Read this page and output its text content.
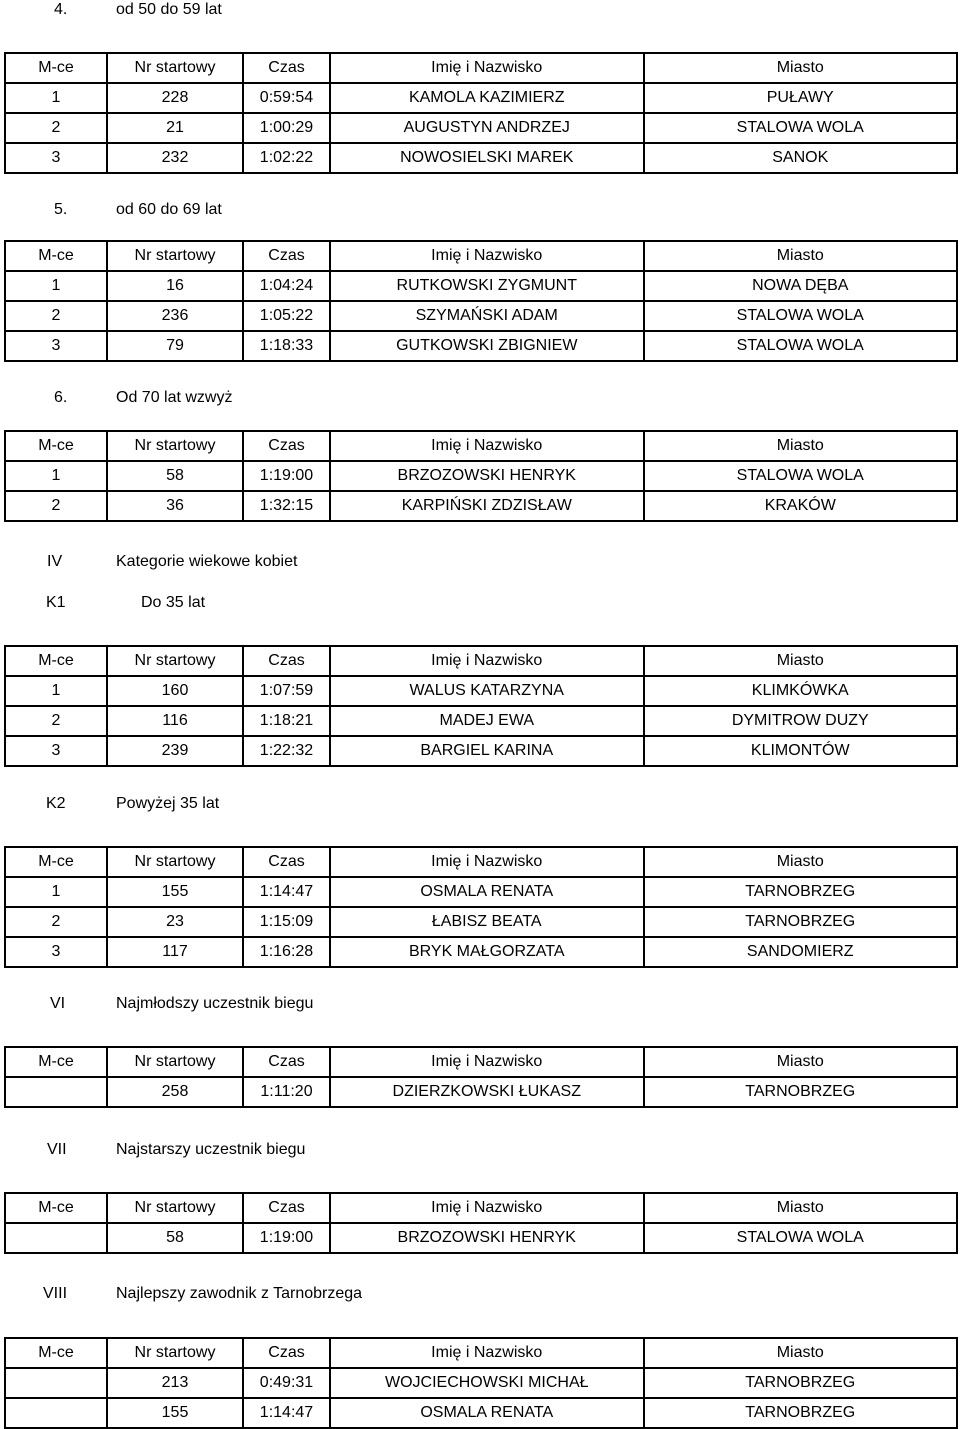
4.	od 50 do 59 lat
M-ce	Nr startowy	Czas	Imię i Nazwisko	Miasto
1	228	0:59:54	KAMOLA KAZIMIERZ	PUŁAWY
2	21	1:00:29	AUGUSTYN ANDRZEJ	STALOWA WOLA
3	232	1:02:22	NOWOSIELSKI MAREK	SANOK
5.	od 60 do 69 lat
M-ce	Nr startowy	Czas	Imię i Nazwisko	Miasto
1	16	1:04:24	RUTKOWSKI ZYGMUNT	NOWA DĘBA
2	236	1:05:22	SZYMAŃSKI ADAM	STALOWA WOLA
3	79	1:18:33	GUTKOWSKI ZBIGNIEW	STALOWA WOLA
6.	Od 70 lat wzwyż
M-ce	Nr startowy	Czas	Imię i Nazwisko	Miasto
1	58	1:19:00	BRZOZOWSKI HENRYK	STALOWA WOLA
2	36	1:32:15	KARPIŃSKI ZDZISŁAW	KRAKÓW
IV	Kategorie wiekowe kobiet
K1	Do 35 lat
M-ce	Nr startowy	Czas	Imię i Nazwisko	Miasto
1	160	1:07:59	WALUS KATARZYNA	KLIMKÓWKA
2	116	1:18:21	MADEJ EWA	DYMITROW DUZY
3	239	1:22:32	BARGIEL KARINA	KLIMONTÓW
K2	Powyżej 35 lat
M-ce	Nr startowy	Czas	Imię i Nazwisko	Miasto
1	155	1:14:47	OSMALA RENATA	TARNOBRZEG
2	23	1:15:09	ŁABISZ BEATA	TARNOBRZEG
3	117	1:16:28	BRYK MAŁGORZATA	SANDOMIERZ
VI	Najmłodszy uczestnik biegu
M-ce	Nr startowy	Czas	Imię i Nazwisko	Miasto
	258	1:11:20	DZIERZKOWSKI ŁUKASZ	TARNOBRZEG
VII	Najstarszy uczestnik biegu
M-ce	Nr startowy	Czas	Imię i Nazwisko	Miasto
	58	1:19:00	BRZOZOWSKI HENRYK	STALOWA WOLA
VIII	Najlepszy zawodnik z Tarnobrzega
M-ce	Nr startowy	Czas	Imię i Nazwisko	Miasto
	213	0:49:31	WOJCIECHOWSKI MICHAŁ	TARNOBRZEG
	155	1:14:47	OSMALA RENATA	TARNOBRZEG
